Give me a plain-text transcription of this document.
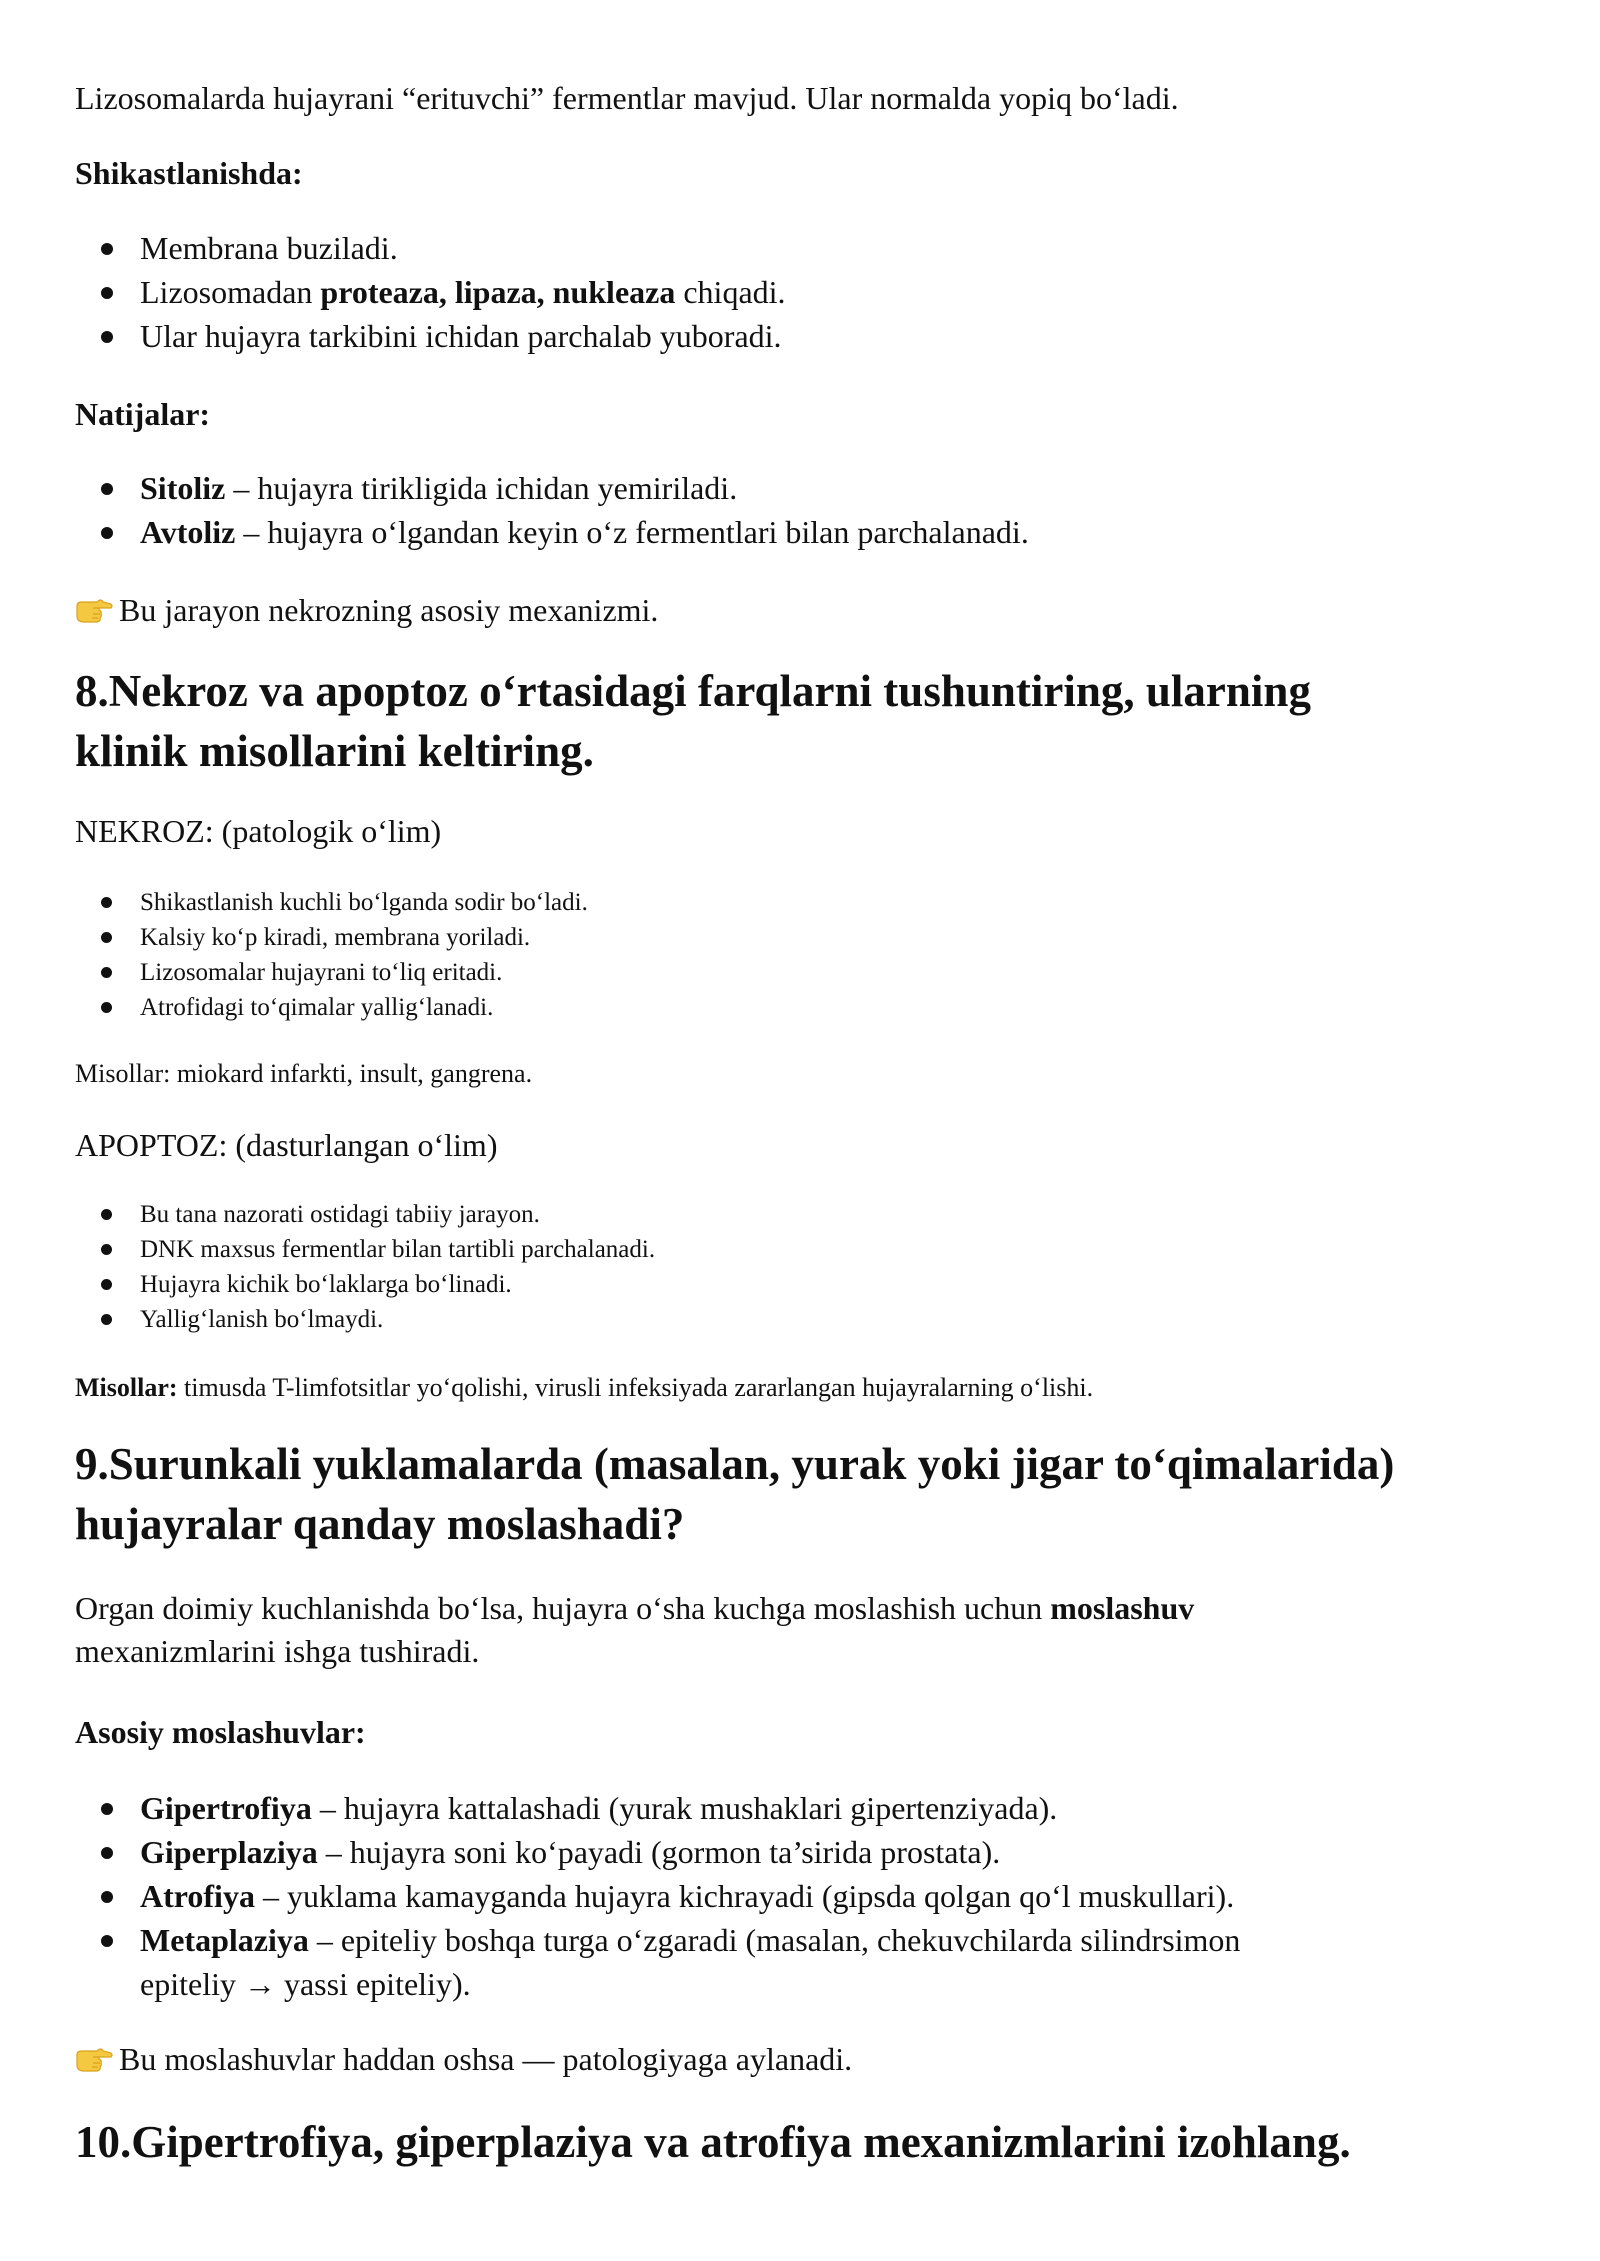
Lizosomalarda hujayrani “erituvchi” fermentlar mavjud. Ular normalda yopiq bo‘ladi.

Shikastlanishda:

Membrana buziladi.
Lizosomadan proteaza, lipaza, nukleaza chiqadi.
Ular hujayra tarkibini ichidan parchalab yuboradi.

Natijalar:

Sitoliz – hujayra tirikligida ichidan yemiriladi.
Avtoliz – hujayra o‘lgandan keyin o‘z fermentlari bilan parchalanadi.

Bu jarayon nekrozning asosiy mexanizmi.

8.Nekroz va apoptoz o‘rtasidagi farqlarni tushuntiring, ularning
klinik misollarini keltiring.

NEKROZ: (patologik o‘lim)

Shikastlanish kuchli bo‘lganda sodir bo‘ladi.
Kalsiy ko‘p kiradi, membrana yoriladi.
Lizosomalar hujayrani to‘liq eritadi.
Atrofidagi to‘qimalar yallig‘lanadi.

Misollar: miokard infarkti, insult, gangrena.

APOPTOZ: (dasturlangan o‘lim)

Bu tana nazorati ostidagi tabiiy jarayon.
DNK maxsus fermentlar bilan tartibli parchalanadi.
Hujayra kichik bo‘laklarga bo‘linadi.
Yallig‘lanish bo‘lmaydi.

Misollar: timusda T-limfotsitlar yo‘qolishi, virusli infeksiyada zararlangan hujayralarning o‘lishi.

9.Surunkali yuklamalarda (masalan, yurak yoki jigar to‘qimalarida)
hujayralar qanday moslashadi?

Organ doimiy kuchlanishda bo‘lsa, hujayra o‘sha kuchga moslashish uchun moslashuv

mexanizmlarini ishga tushiradi.

Asosiy moslashuvlar:

Gipertrofiya – hujayra kattalashadi (yurak mushaklari gipertenziyada).
Giperplaziya – hujayra soni ko‘payadi (gormon ta’sirida prostata).
Atrofiya – yuklama kamayganda hujayra kichrayadi (gipsda qolgan qo‘l muskullari).
Metaplaziya – epiteliy boshqa turga o‘zgaradi (masalan, chekuvchilarda silindrsimon
epiteliy → yassi epiteliy).

Bu moslashuvlar haddan oshsa — patologiyaga aylanadi.

10.Gipertrofiya, giperplaziya va atrofiya mexanizmlarini izohlang.
